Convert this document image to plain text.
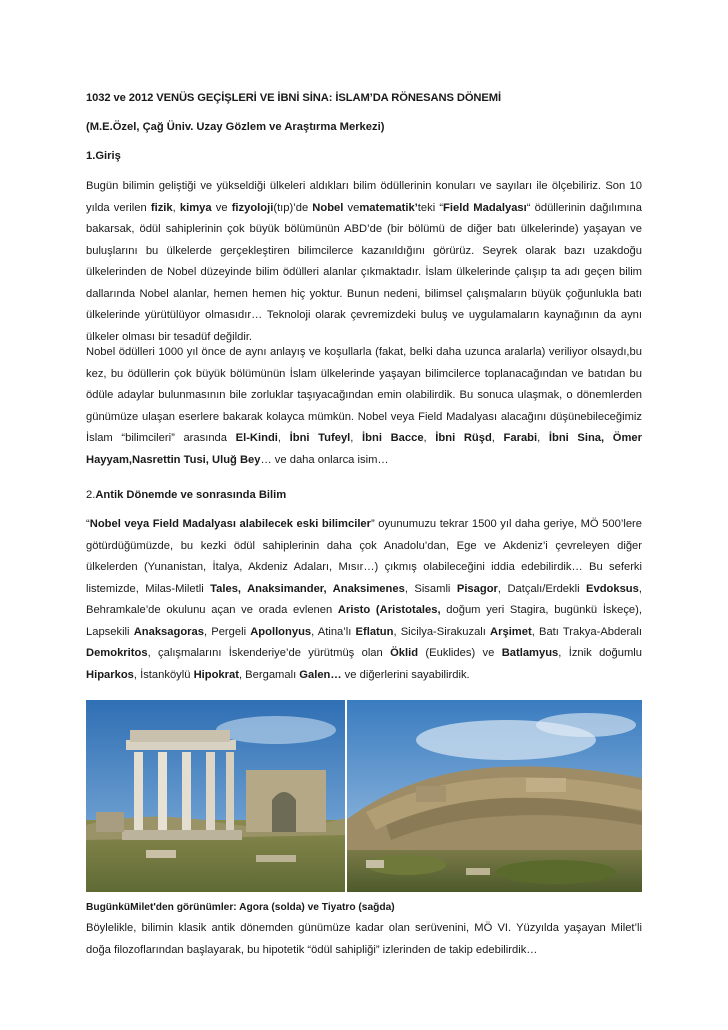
1032 ve 2012 VENÜS GEÇİŞLERİ VE İBNİ SİNA: İSLAM’DA RÖNESANS DÖNEMİ
(M.E.Özel, Çağ Üniv. Uzay Gözlem ve Araştırma Merkezi)
1.Giriş
Bugün bilimin geliştiği ve yükseldiği ülkeleri aldıkları bilim ödüllerinin konuları ve sayıları ile ölçebiliriz. Son 10 yılda verilen fizik, kimya ve fizyoloji(tıp)’de Nobel vematematik’teki “Field Madalyası“ ödüllerinin dağılımına bakarsak, ödül sahiplerinin çok büyük bölümünün ABD’de (bir bölümü de diğer batı ülkelerinde) yaşayan ve buluşlarını bu ülkelerde gerçekleştiren bilimcilerce kazanıldığını görürüz. Seyrek olarak bazı uzakdoğu ülkelerinden de Nobel düzeyinde bilim ödülleri alanlar çıkmaktadır. İslam ülkelerinde çalışıp ta adı geçen bilim dallarında Nobel alanlar, hemen hemen hiç yoktur. Bunun nedeni, bilimsel çalışmaların büyük çoğunlukla batı ülkelerinde yürütülüyor olmasıdır… Teknoloji olarak çevremizdeki buluş ve uygulamaların kaynağının da aynı ülkeler olması bir tesadüf değildir.
Nobel ödülleri 1000 yıl önce de aynı anlayış ve koşullarla (fakat, belki daha uzunca aralarla) veriliyor olsaydı,bu kez, bu ödüllerin çok büyük bölümünün İslam ülkelerinde yaşayan bilimcilerce toplanacağından ve batıdan bu ödüle adaylar bulunmasının bile zorluklar taşıyacağından emin olabilirdik. Bu sonuca ulaşmak, o dönemlerden günümüze ulaşan eserlere bakarak kolayca mümkün. Nobel veya Field Madalyası alacağını düşünebileceğimiz İslam “bilimcileri” arasında El-Kindi, İbni Tufeyl, İbni Bacce, İbni Rüşd, Farabi, İbni Sina, Ömer Hayyam,Nasrettin Tusi, Uluğ Bey… ve daha onlarca isim…
2.Antik Dönemde ve sonrasında Bilim
“Nobel veya Field Madalyası alabilecek eski bilimciler” oyunumuzu tekrar 1500 yıl daha geriye, MÖ 500’lere götürdüğümüzde, bu kezki ödül sahiplerinin daha çok Anadolu’dan, Ege ve Akdeniz’i çevreleyen diğer ülkelerden (Yunanistan, İtalya, Akdeniz Adaları, Mısır…) çıkmış olabileceğini iddia edebilirdik… Bu seferki listemizde, Milas-Miletli Tales, Anaksimander, Anaksimenes, Sisamli Pisagor, Datçalı/Erdekli Evdoksus, Behramkale’de okulunu açan ve orada evlenen Aristo (Aristotales, doğum yeri Stagira, bugünkü İskeçe), Lapsekili Anaksagoras, Pergeli Apollonyus, Atina’lı Eflatun, Sicilya-Sirakuzalı Arşimet, Batı Trakya-Abderalı Demokritos, çalışmalarını İskenderiye’de yürütmüş olan Öklid (Euklides) ve Batlamyus, İznik doğumlu Hiparkos, İstanköylü Hipokrat, Bergamalı Galen… ve diğerlerini sayabilirdik.
BugünküMilet'den görünümler: Agora (solda) ve Tiyatro (sağda)
Böylelikle, bilimin klasik antik dönemden günümüze kadar olan serüvenini, MÖ VI. Yüzyılda yaşayan Milet’li doğa filozoflarından başlayarak, bu hipotetik “ödül sahipliği” izlerinden de takip edebilirdik…
